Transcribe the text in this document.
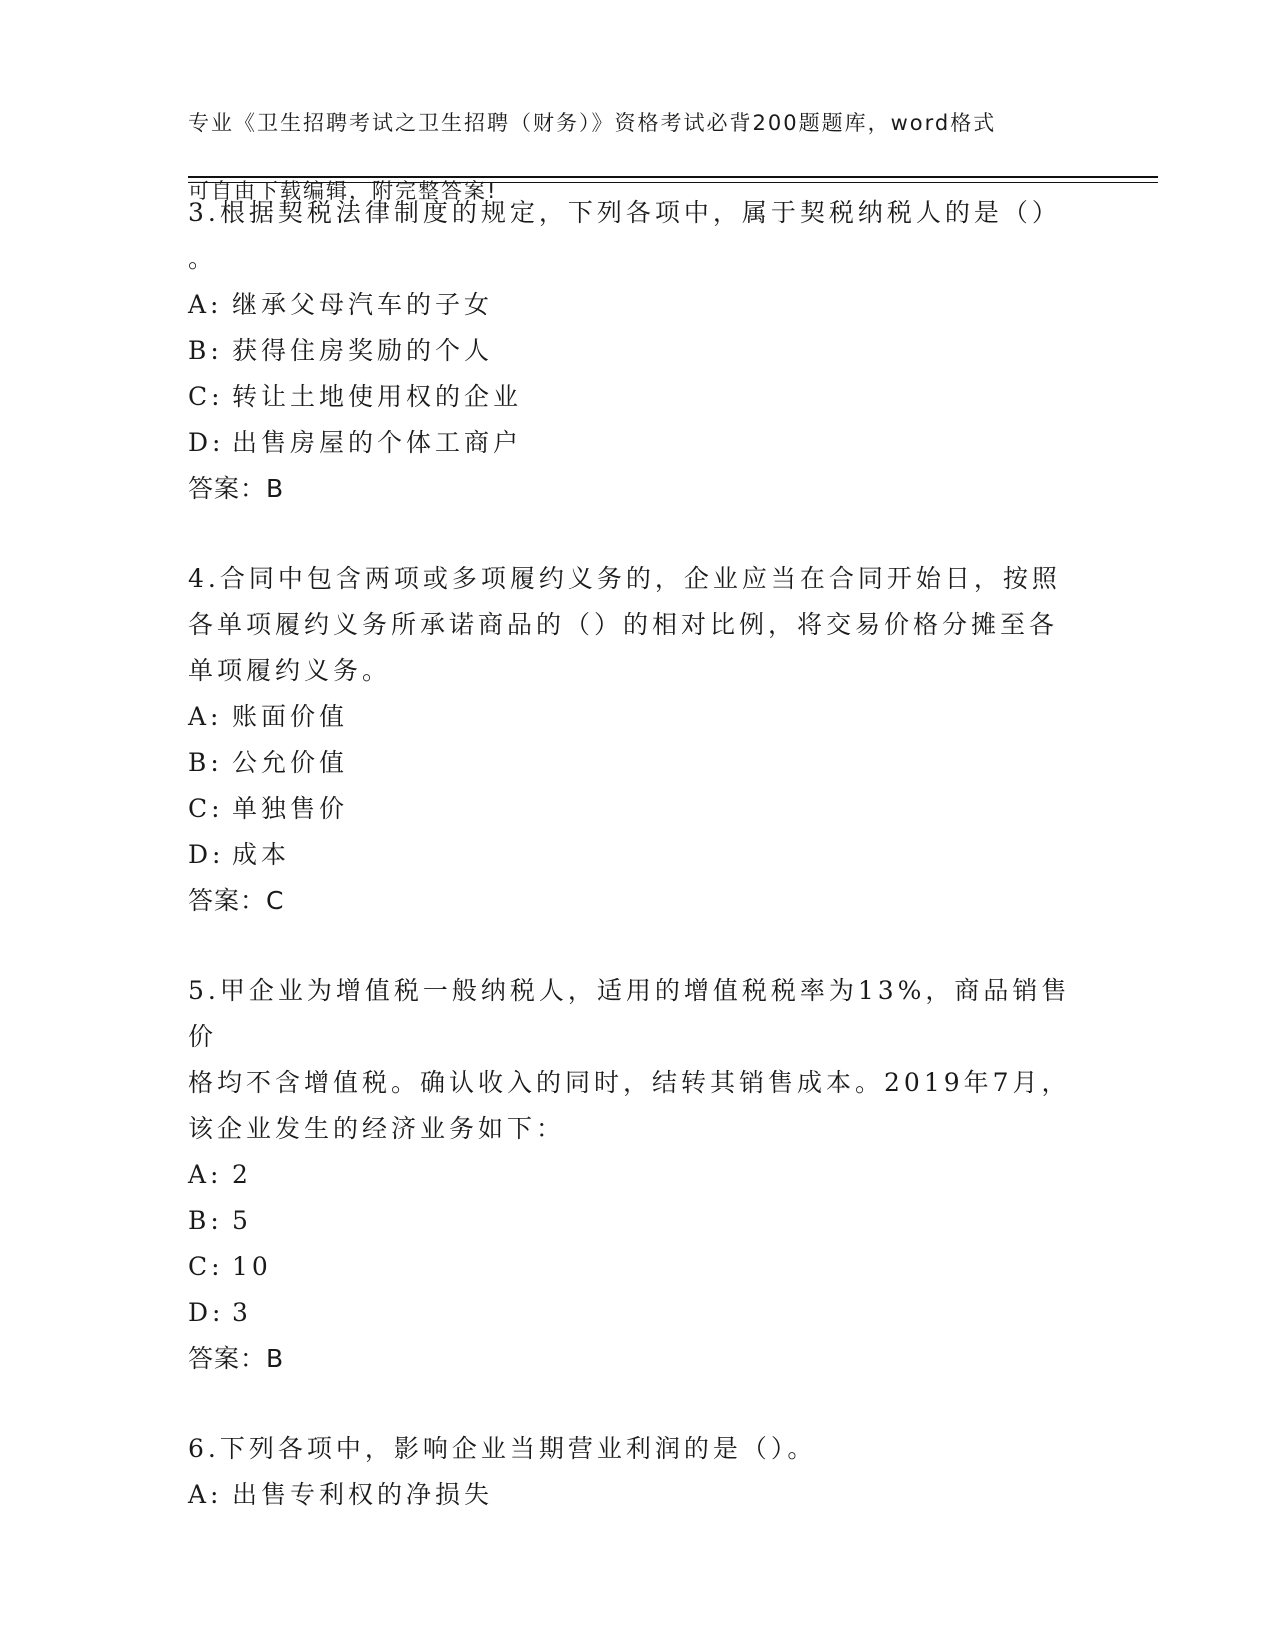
专业《卫生招聘考试之卫生招聘（财务）》资格考试必背200题题库，word格式

可自由下载编辑，附完整答案!

3.根据契税法律制度的规定，下列各项中，属于契税纳税人的是（）
。
A: 继承父母汽车的子女
B: 获得住房奖励的个人
C: 转让土地使用权的企业
D: 出售房屋的个体工商户
答案：B
4.合同中包含两项或多项履约义务的，企业应当在合同开始日，按照
各单项履约义务所承诺商品的（）的相对比例，将交易价格分摊至各
单项履约义务。
A: 账面价值
B: 公允价值
C: 单独售价
D: 成本
答案：C
5.甲企业为增值税一般纳税人，适用的增值税税率为13%，商品销售价
格均不含增值税。确认收入的同时，结转其销售成本。2019年7月，
该企业发生的经济业务如下：
A: 2
B: 5
C: 10
D: 3
答案：B
6.下列各项中，影响企业当期营业利润的是（）。
A: 出售专利权的净损失
